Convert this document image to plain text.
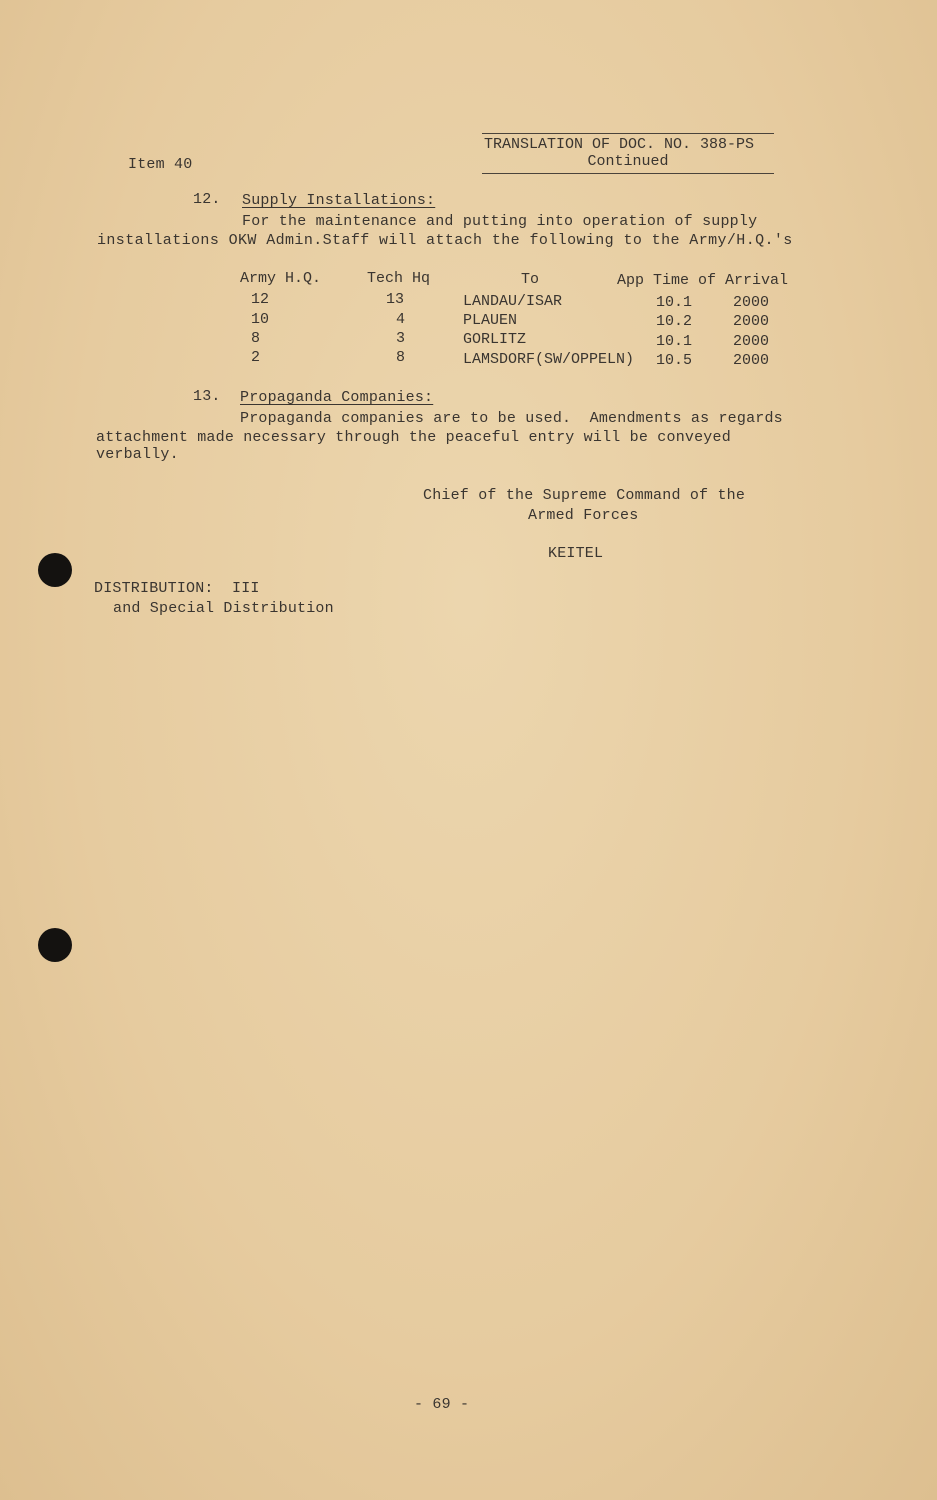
Item 40
TRANSLATION OF DOC. NO. 388-PS
Continued
12. Supply Installations:
For the maintenance and putting into operation of supply
installations OKW Admin.Staff will attach the following to the Army/H.Q.'s
Army H.Q.	Tech Hq	To	App Time of Arrival
12	13	LANDAU/ISAR	10.1	2000
10	4	PLAUEN	10.2	2000
8	3	GORLITZ	10.1	2000
2	8	LAMSDORF(SW/OPPELN) 10.5	2000
13. Propaganda Companies:
Propaganda companies are to be used.  Amendments as regards
attachment made necessary through the peaceful entry will be conveyed
verbally.
Chief of the Supreme Command of the
Armed Forces
KEITEL
DISTRIBUTION:  III
and Special Distribution
- 69 -
